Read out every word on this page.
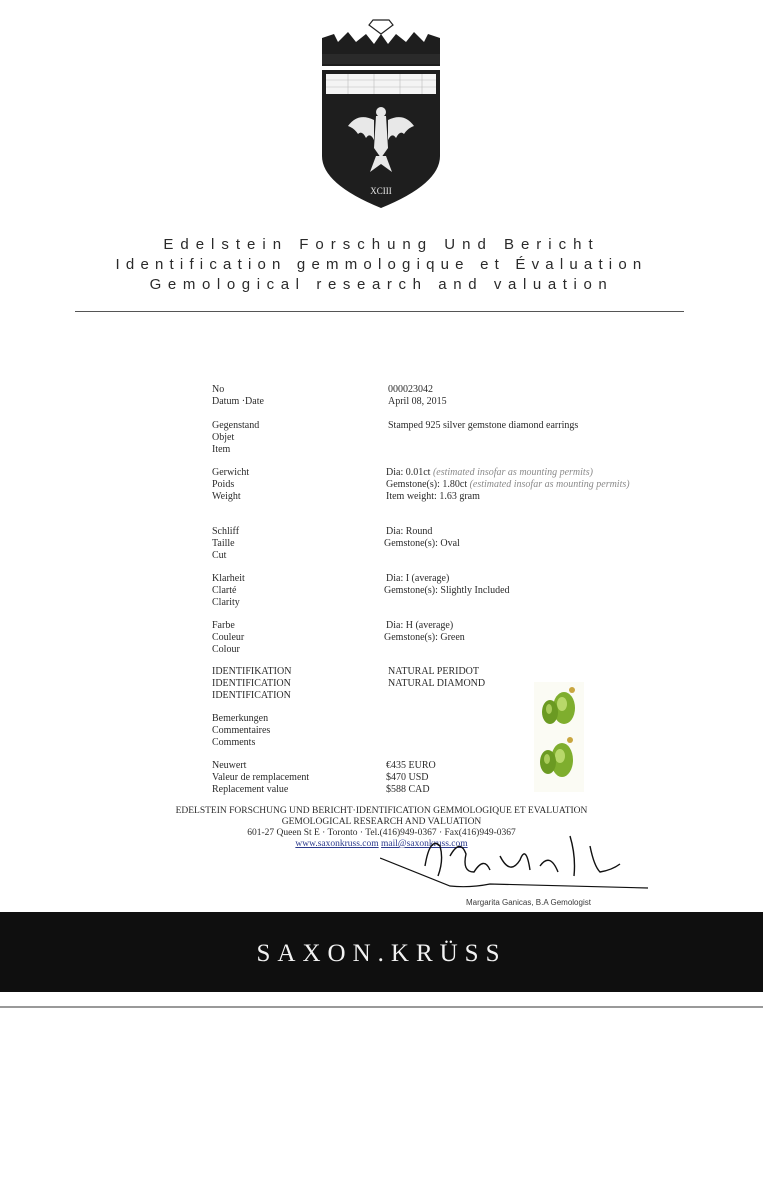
XCIII
Edelstein Forschung Und Bericht
Identification gemmologique et Évaluation
Gemological research and valuation
No
Datum ·Date
Gegenstand
Objet
Item
Gerwicht
Poids
Weight
Schliff
Taille
Cut
Klarheit
Clarté
Clarity
Farbe
Couleur
Colour
IDENTIFIKATION
IDENTIFICATION
IDENTIFICATION
Bemerkungen
Commentaires
Comments
Neuwert
Valeur de remplacement
Replacement value
000023042
April 08, 2015
Stamped 925 silver gemstone diamond earrings
Dia: 0.01ct (estimated insofar as mounting permits)
Gemstone(s): 1.80ct (estimated insofar as mounting permits)
Item weight: 1.63 gram
Dia: Round
Gemstone(s): Oval
Dia: I (average)
Gemstone(s): Slightly Included
Dia: H (average)
Gemstone(s): Green
NATURAL PERIDOT
NATURAL DIAMOND
€435 EURO
$470 USD
$588 CAD
EDELSTEIN FORSCHUNG UND BERICHT·IDENTIFICATION GEMMOLOGIQUE ET EVALUATION
GEMOLOGICAL RESEARCH AND VALUATION
601-27 Queen St E · Toronto · Tel.(416)949-0367 · Fax(416)949-0367
www.saxonkruss.com mail@saxonkruss.com
Margarita Ganicas, B.A Gemologist
SAXON.KRÜSS
